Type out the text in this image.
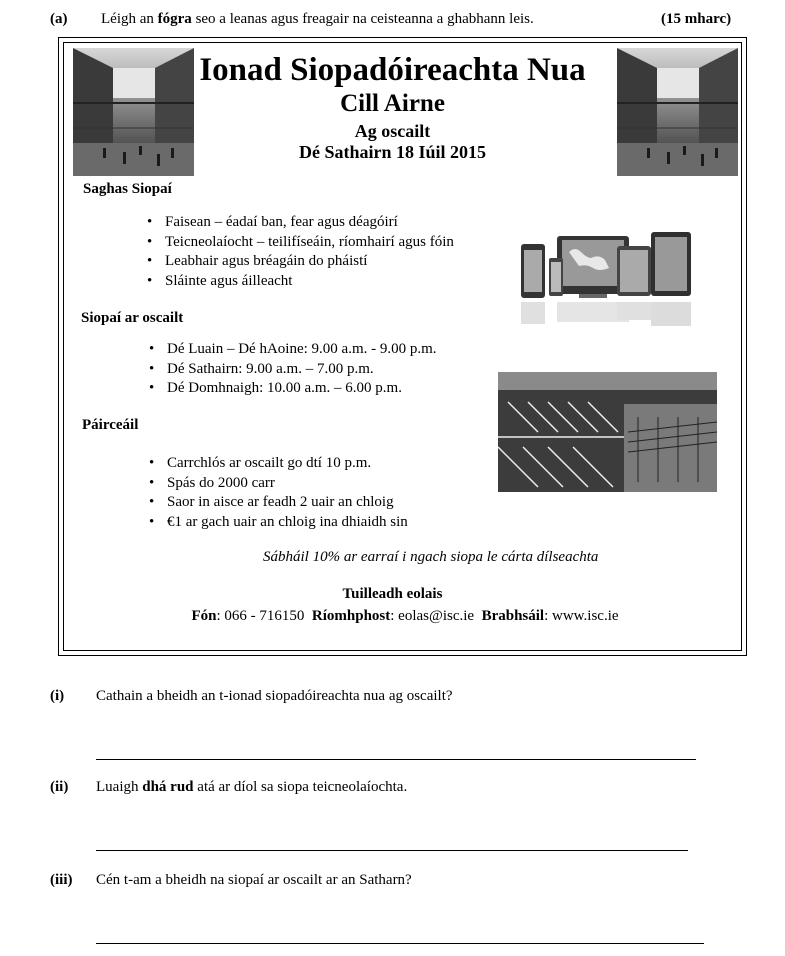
(a) Léigh an fógra seo a leanas agus freagair na ceisteanna a ghabhann leis.	(15 mharc)
Ionad Siopadóireachta Nua
Cill Airne
Ag oscailt
Dé Sathairn 18 Iúil 2015
Saghas Siopaí
• Faisean – éadaí ban, fear agus déagóirí
• Teicneolaíocht – teilifíseáin, ríomhairí agus fóin
• Leabhair agus bréagáin do pháistí
• Sláinte agus áilleacht
Siopaí ar oscailt
• Dé Luain – Dé hAoine: 9.00 a.m. - 9.00 p.m.
• Dé Sathairn: 9.00 a.m. – 7.00 p.m.
• Dé Domhnaigh: 10.00 a.m. – 6.00 p.m.
Páirceáil
• Carrchlós ar oscailt go dtí 10 p.m.
• Spás do 2000 carr
• Saor in aisce ar feadh 2 uair an chloig
• €1 ar gach uair an chloig ina dhiaidh sin
Sábháil 10% ar earraí i ngach siopa le cárta dílseachta
Tuilleadh eolais
Fón: 066 - 716150 Ríomhphost: eolas@isc.ie Brabhsáil: www.isc.ie
(i) Cathain a bheidh an t-ionad siopadóireachta nua ag oscailt?
(ii) Luaigh dhá rud atá ar díol sa siopa teicneolaíochta.
(iii) Cén t-am a bheidh na siopaí ar oscailt ar an Satharn?
